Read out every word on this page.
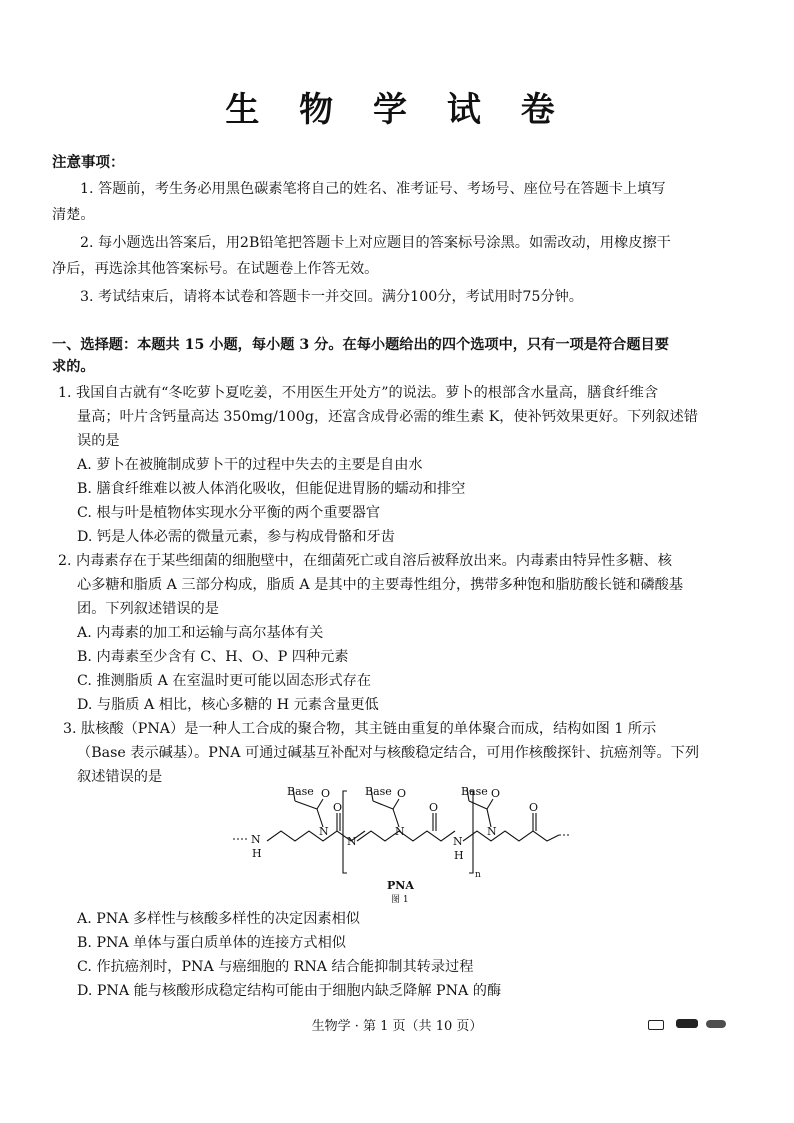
生 物 学 试 卷
注意事项：
1. 答题前，考生务必用黑色碳素笔将自己的姓名、准考证号、考场号、座位号在答题卡上填写
清楚。
2. 每小题选出答案后，用2B铅笔把答题卡上对应题目的答案标号涂黑。如需改动，用橡皮擦干
净后，再选涂其他答案标号。在试题卷上作答无效。
3. 考试结束后，请将本试卷和答题卡一并交回。满分100分，考试用时75分钟。
一、选择题：本题共 15 小题，每小题 3 分。在每小题给出的四个选项中，只有一项是符合题目要
求的。
1. 我国自古就有“冬吃萝卜夏吃姜，不用医生开处方”的说法。萝卜的根部含水量高，膳食纤维含
量高；叶片含钙量高达 350mg/100g，还富含成骨必需的维生素 K，使补钙效果更好。下列叙述错
误的是
A. 萝卜在被腌制成萝卜干的过程中失去的主要是自由水
B. 膳食纤维难以被人体消化吸收，但能促进胃肠的蠕动和排空
C. 根与叶是植物体实现水分平衡的两个重要器官
D. 钙是人体必需的微量元素，参与构成骨骼和牙齿
2. 内毒素存在于某些细菌的细胞壁中，在细菌死亡或自溶后被释放出来。内毒素由特异性多糖、核
心多糖和脂质 A 三部分构成，脂质 A 是其中的主要毒性组分，携带多种饱和脂肪酸长链和磷酸基
团。下列叙述错误的是
A. 内毒素的加工和运输与高尔基体有关
B. 内毒素至少含有 C、H、O、P 四种元素
C. 推测脂质 A 在室温时更可能以固态形式存在
D. 与脂质 A 相比，核心多糖的 H 元素含量更低
3. 肽核酸（PNA）是一种人工合成的聚合物，其主链由重复的单体聚合而成，结构如图 1 所示
（Base 表示碱基）。PNA 可通过碱基互补配对与核酸稳定结合，可用作核酸探针、抗癌剂等。下列
叙述错误的是
Base	Base	Base
O	O	O
O	O	O
N
H
N
N
N
N
H
N
n
PNA
图 1
A. PNA 多样性与核酸多样性的决定因素相似
B. PNA 单体与蛋白质单体的连接方式相似
C. 作抗癌剂时，PNA 与癌细胞的 RNA 结合能抑制其转录过程
D. PNA 能与核酸形成稳定结构可能由于细胞内缺乏降解 PNA 的酶
生物学 · 第 1 页（共 10 页）
